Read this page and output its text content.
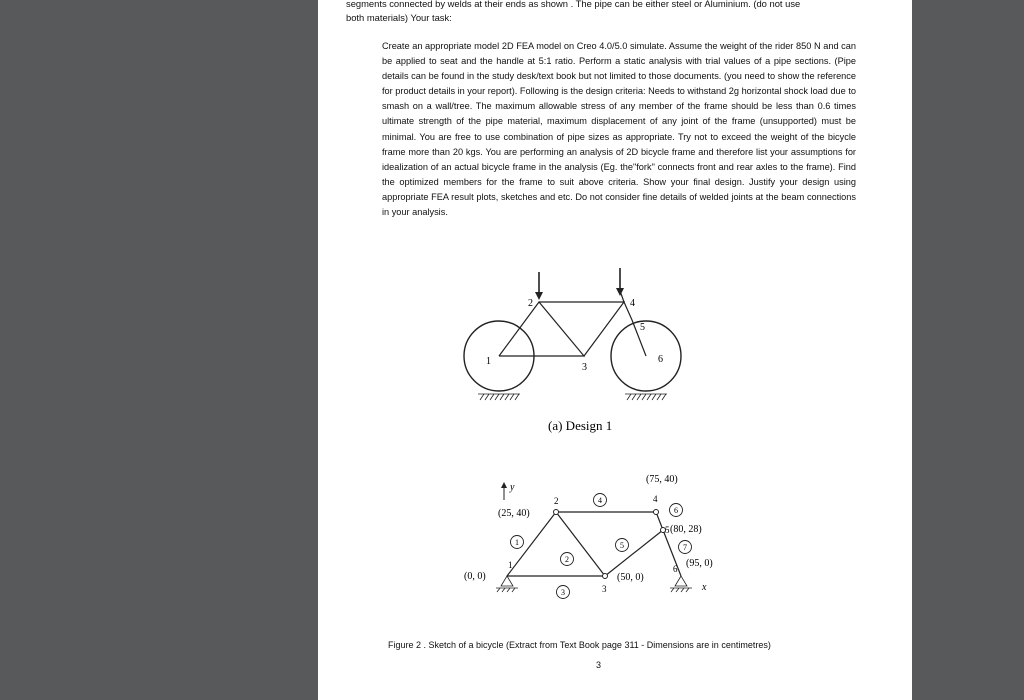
segments connected by welds at their ends as shown . The pipe can be either steel or Aluminium. (do not use
both materials) Your task:

Create an appropriate model 2D FEA model on Creo 4.0/5.0 simulate. Assume the weight of the rider 850 N and can be applied to seat and the handle at 5:1 ratio. Perform a static analysis with trial values of a pipe sections. (Pipe details can be found in the study desk/text book but not limited to those documents. (you need to show the reference for product details in your report). Following is the design criteria: Needs to withstand 2g horizontal shock load due to smash on a wall/tree. The maximum allowable stress of any member of the frame should be less than 0.6 times ultimate strength of the pipe material, maximum displacement of any joint of the frame (unsupported) must be minimal. You are free to use combination of pipe sizes as appropriate. Try not to exceed the weight of the bicycle frame more than 20 kgs. You are performing an analysis of 2D bicycle frame and therefore list your assumptions for idealization of an actual bicycle frame in the analysis (Eg. the"fork" connects front and rear axles to the frame). Find the optimized members for the frame to suit above criteria. Show your final design. Justify your design using appropriate FEA result plots, sketches and etc. Do not consider fine details of welded joints at the beam connections in your analysis.

1
2
3
4
5
6
(a) Design 1
y
x
(0, 0)
(25, 40)
(50, 0)
(75, 40)
(80, 28)
(95, 0)
1
2
3
4
5
6
1
2
3
4
5
6
7
Figure 2 . Sketch of a bicycle (Extract from Text Book page 311 - Dimensions are in centimetres)
3
